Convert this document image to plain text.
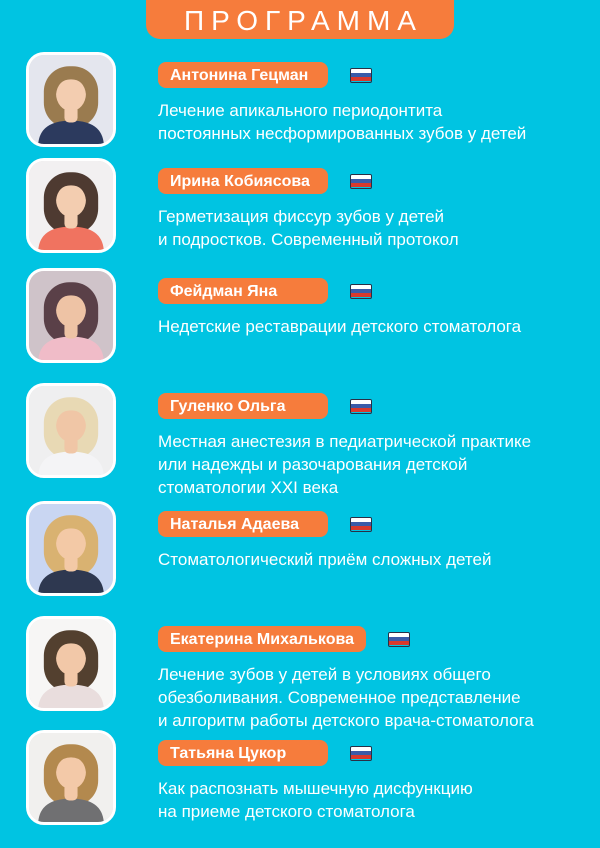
ПРОГРАММА
Антонина Гецман
Лечение апикального периодонтита
постоянных несформированных зубов у детей
Ирина Кобиясова
Герметизация фиссур зубов у детей
и подростков. Современный протокол
Фейдман Яна
Недетские реставрации детского стоматолога
Гуленко Ольга
Местная анестезия в педиатрической практике
или надежды и разочарования детской
стоматологии XXI века
Наталья Адаева
Стоматологический приём сложных детей
Екатерина Михалькова
Лечение зубов у детей в условиях общего
обезболивания. Современное представление
и алгоритм работы детского врача-стоматолога
Татьяна Цукор
Как распознать мышечную дисфункцию
на приеме детского стоматолога
